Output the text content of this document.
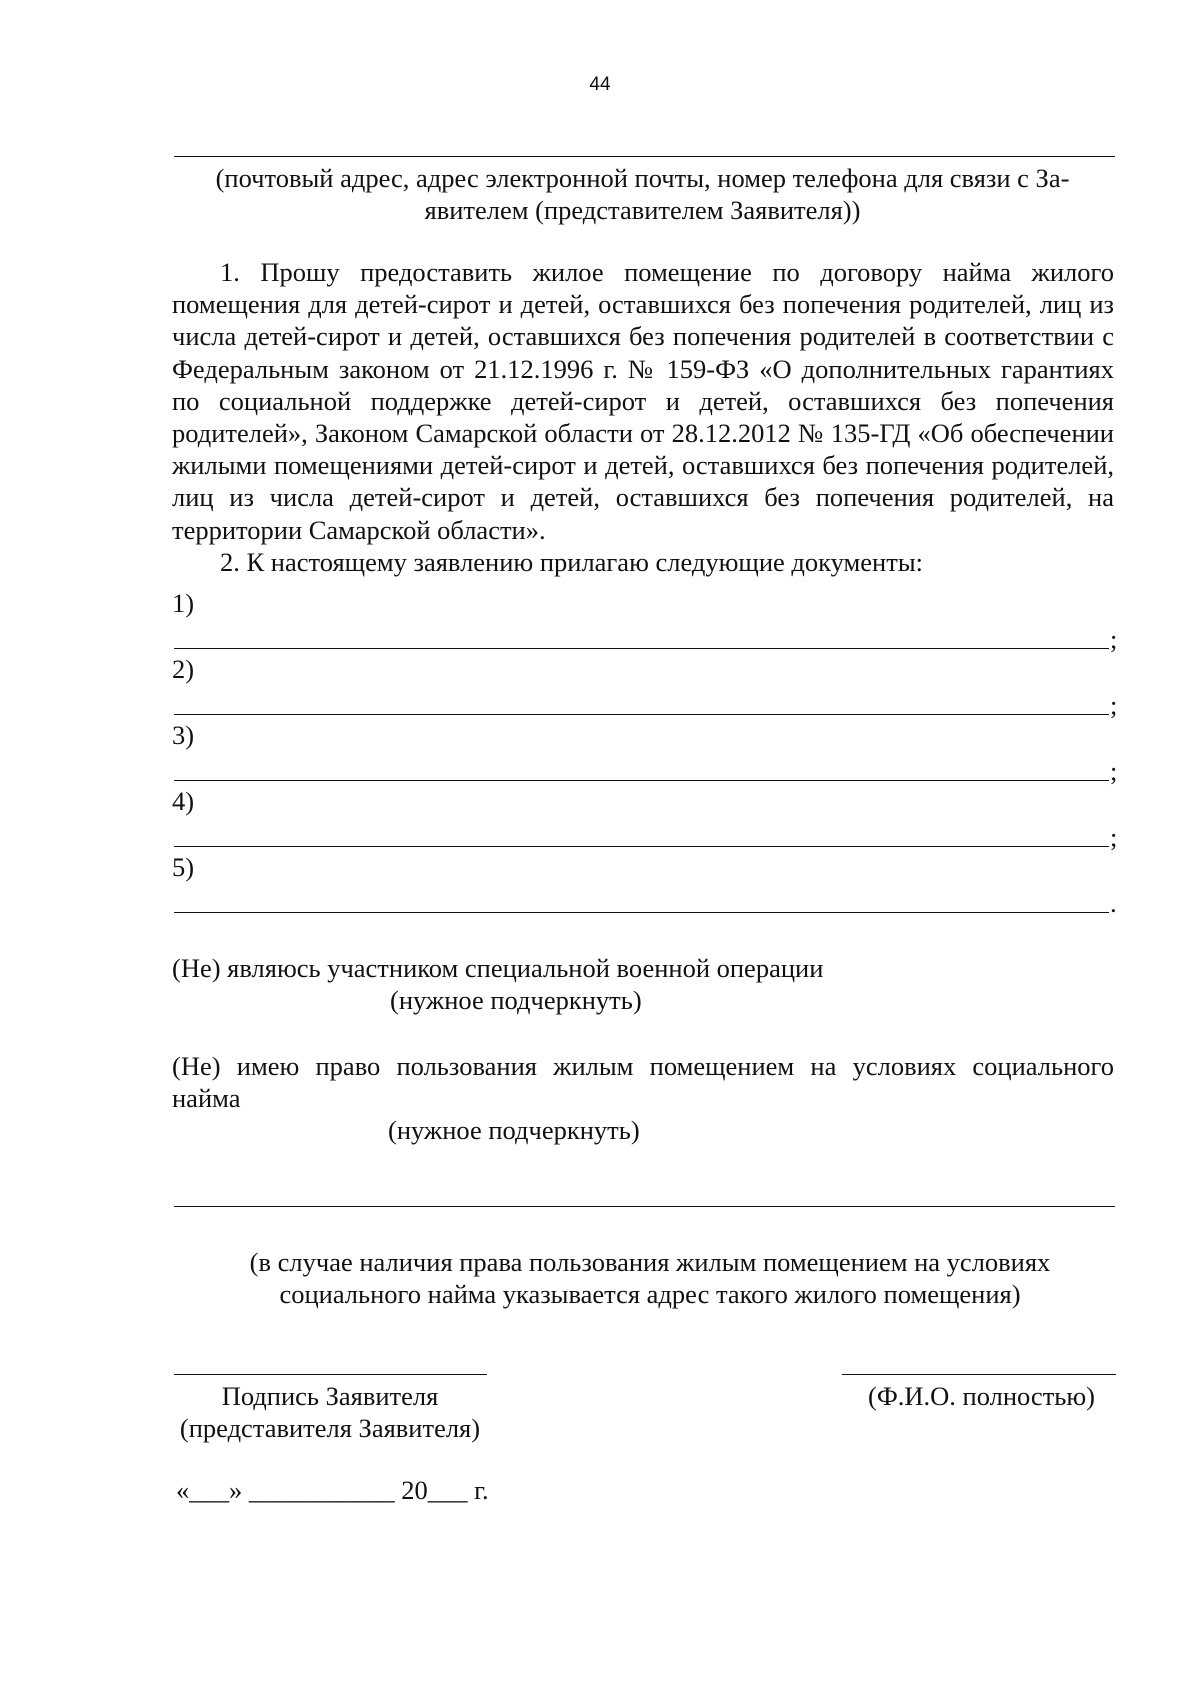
44
(почтовый адрес, адрес электронной почты, номер телефона для связи с За-
явителем (представителем Заявителя))

1. Прошу предоставить жилое помещение по договору найма жилого помещения для детей-сирот и детей, оставшихся без попечения родителей, лиц из числа детей-сирот и детей, оставшихся без попечения родителей в соответствии с Федеральным законом от 21.12.1996 г. № 159-ФЗ «О дополнительных гарантиях по социальной поддержке детей-сирот и детей, оставшихся без попечения родителей», Законом Самарской области от 28.12.2012 № 135-ГД «Об обеспечении жилыми помещениями детей-сирот и детей, оставшихся без попечения родителей, лиц из числа детей-сирот и детей, оставшихся без попечения родителей, на территории Самарской области».

2. К настоящему заявлению прилагаю следующие документы:

1)
;
2)
;
3)
;
4)
;
5)
.
(Не) являюсь участником специальной военной операции
(нужное подчеркнуть)
(Не) имею право пользования жилым помещением на условиях социального
найма
(нужное подчеркнуть)
(в случае наличия права пользования жилым помещением на условиях
социального найма указывается адрес такого жилого помещения)
Подпись Заявителя
(представителя Заявителя)
(Ф.И.О. полностью)
«___» ___________ 20___ г.
